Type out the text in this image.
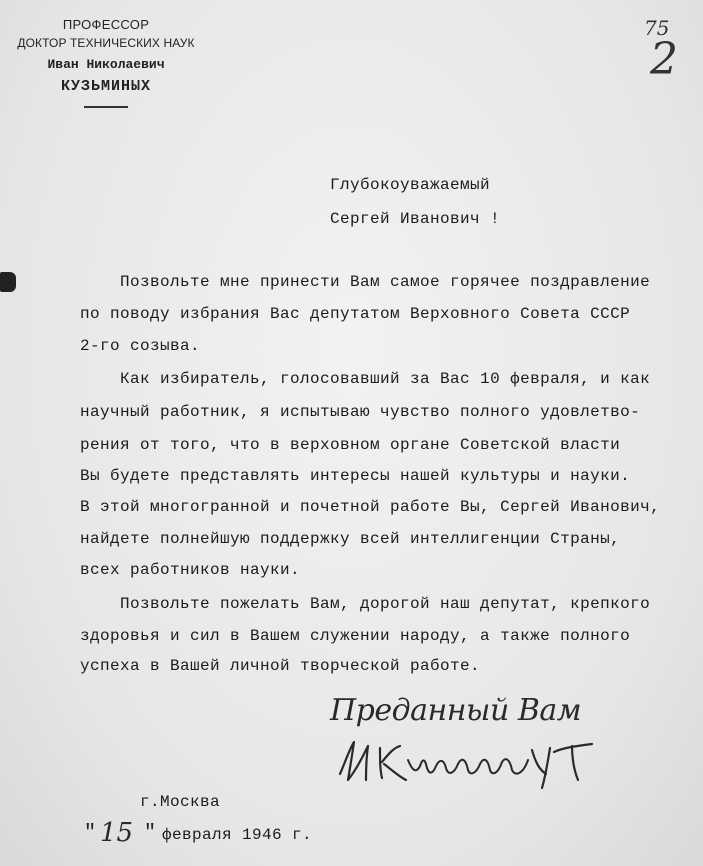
ПРОФЕССОР
ДОКТОР ТЕХНИЧЕСКИХ НАУК
Иван Николаевич
КУЗЬМИНЫХ
75
2
Глубокоуважаемый
Сергей Иванович !
Позвольте мне принести Вам самое горячее поздравление
по поводу избрания Вас депутатом Верховного Совета СССР
2-го созыва.
Как избиратель, голосовавший за Вас 10 февраля, и как
научный работник, я испытываю чувство полного удовлетво-
рения от того, что в верховном органе Советской власти
Вы будете представлять интересы нашей культуры и науки.
В этой многогранной и почетной работе Вы, Сергей Иванович,
найдете полнейшую поддержку всей интеллигенции Страны,
всех работников науки.
Позвольте пожелать Вам, дорогой наш депутат, крепкого
здоровья и сил в Вашем служении народу, а также полного
успеха в Вашей личной творческой работе.
Преданный Вам
г.Москва
" 15 " февраля 1946 г.
